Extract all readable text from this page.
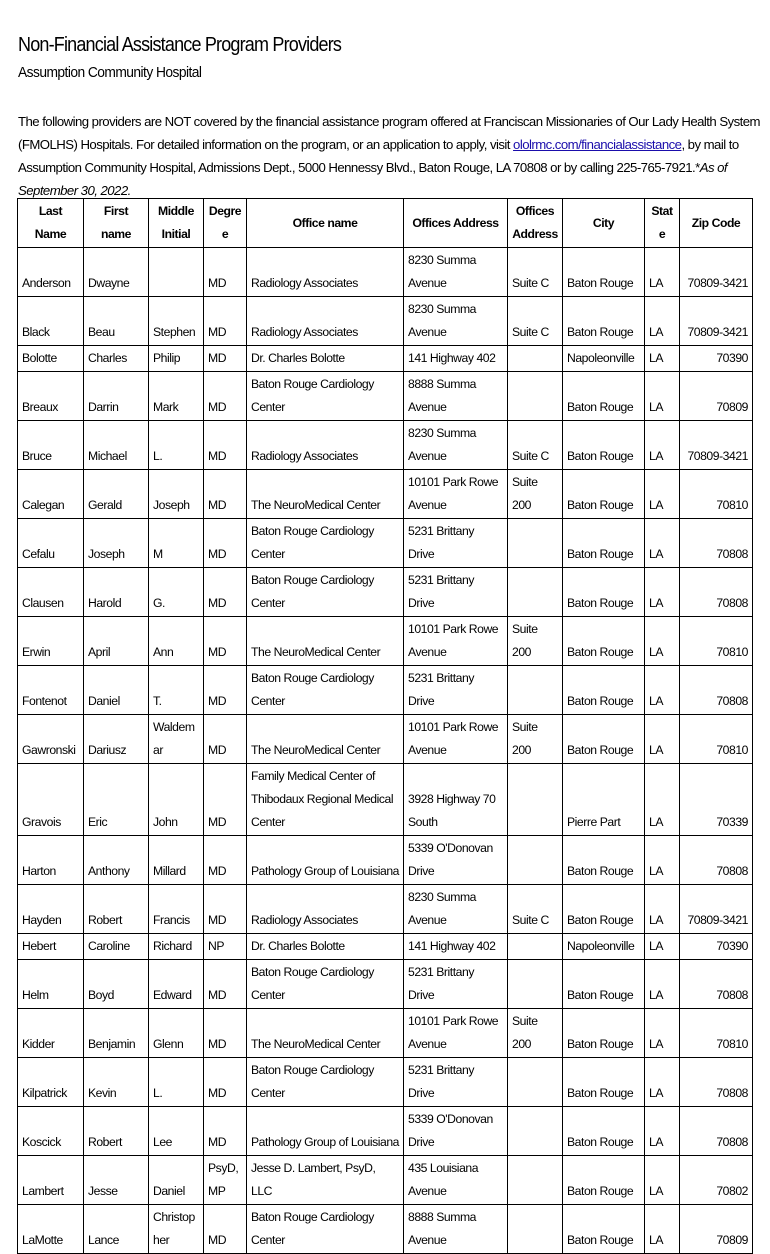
Non-Financial Assistance Program Providers
Assumption Community Hospital
The following providers are NOT covered by the financial assistance program offered at Franciscan Missionaries of Our Lady Health System (FMOLHS) Hospitals. For detailed information on the program, or an application to apply, visit ololrmc.com/financialassistance, by mail to Assumption Community Hospital, Admissions Dept., 5000 Hennessy Blvd., Baton Rouge, LA 70808 or by calling 225-765-7921.*As of September 30, 2022.
Last Name	First name	Middle Initial	Degree	Office name	Offices Address	Offices Address	City	State	Zip Code
Anderson	Dwayne		MD	Radiology Associates	8230 Summa Avenue	Suite C	Baton Rouge	LA	70809-3421
Black	Beau	Stephen	MD	Radiology Associates	8230 Summa Avenue	Suite C	Baton Rouge	LA	70809-3421
Bolotte	Charles	Philip	MD	Dr. Charles Bolotte	141 Highway 402		Napoleonville	LA	70390
Breaux	Darrin	Mark	MD	Baton Rouge Cardiology Center	8888 Summa Avenue		Baton Rouge	LA	70809
Bruce	Michael	L.	MD	Radiology Associates	8230 Summa Avenue	Suite C	Baton Rouge	LA	70809-3421
Calegan	Gerald	Joseph	MD	The NeuroMedical Center	10101 Park Rowe Avenue	Suite 200	Baton Rouge	LA	70810
Cefalu	Joseph	M	MD	Baton Rouge Cardiology Center	5231 Brittany Drive		Baton Rouge	LA	70808
Clausen	Harold	G.	MD	Baton Rouge Cardiology Center	5231 Brittany Drive		Baton Rouge	LA	70808
Erwin	April	Ann	MD	The NeuroMedical Center	10101 Park Rowe Avenue	Suite 200	Baton Rouge	LA	70810
Fontenot	Daniel	T.	MD	Baton Rouge Cardiology Center	5231 Brittany Drive		Baton Rouge	LA	70808
Gawronski	Dariusz	Waldemar	MD	The NeuroMedical Center	10101 Park Rowe Avenue	Suite 200	Baton Rouge	LA	70810
Gravois	Eric	John	MD	Family Medical Center of Thibodaux Regional Medical Center	3928 Highway 70 South		Pierre Part	LA	70339
Harton	Anthony	Millard	MD	Pathology Group of Louisiana	5339 O'Donovan Drive		Baton Rouge	LA	70808
Hayden	Robert	Francis	MD	Radiology Associates	8230 Summa Avenue	Suite C	Baton Rouge	LA	70809-3421
Hebert	Caroline	Richard	NP	Dr. Charles Bolotte	141 Highway 402		Napoleonville	LA	70390
Helm	Boyd	Edward	MD	Baton Rouge Cardiology Center	5231 Brittany Drive		Baton Rouge	LA	70808
Kidder	Benjamin	Glenn	MD	The NeuroMedical Center	10101 Park Rowe Avenue	Suite 200	Baton Rouge	LA	70810
Kilpatrick	Kevin	L.	MD	Baton Rouge Cardiology Center	5231 Brittany Drive		Baton Rouge	LA	70808
Koscick	Robert	Lee	MD	Pathology Group of Louisiana	5339 O'Donovan Drive		Baton Rouge	LA	70808
Lambert	Jesse	Daniel	PsyD, MP	Jesse D. Lambert, PsyD, LLC	435 Louisiana Avenue		Baton Rouge	LA	70802
LaMotte	Lance	Christopher	MD	Baton Rouge Cardiology Center	8888 Summa Avenue		Baton Rouge	LA	70809
